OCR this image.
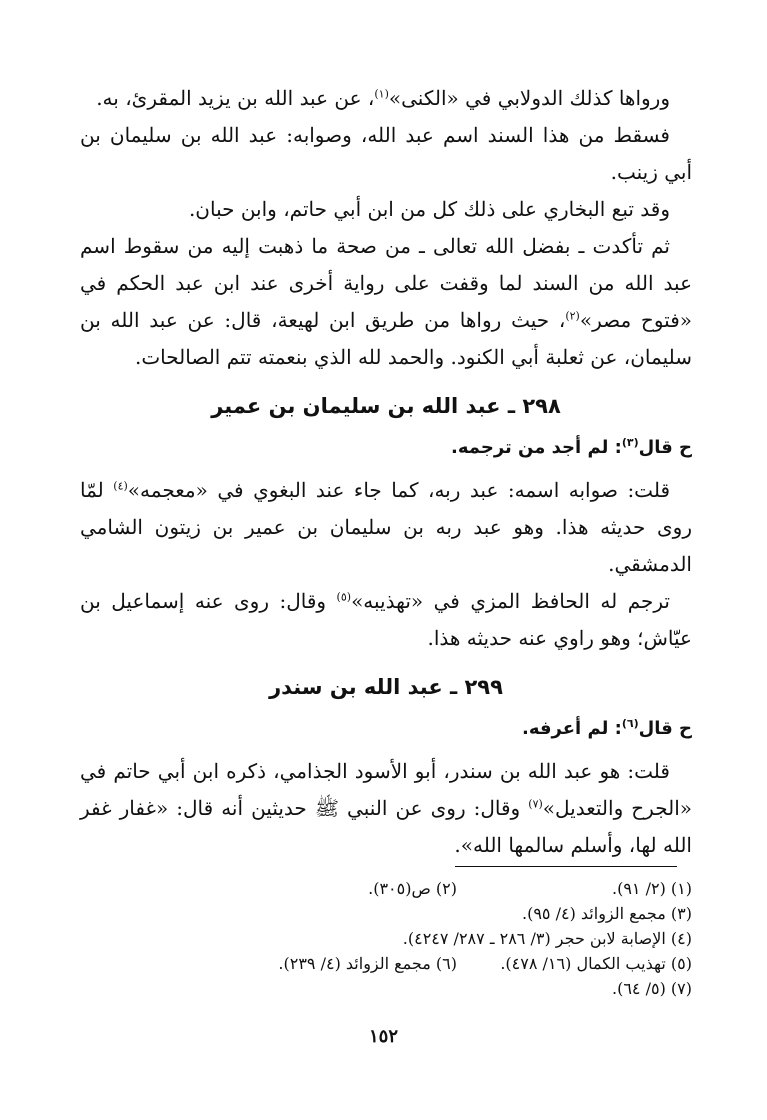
ورواها كذلك الدولابي في «الكنى»$^{(١)}$، عن عبد الله بن يزيد المقرئ، به.

فسقط من هذا السند اسم عبد الله، وصوابه: عبد الله بن سليمان بن أبي زينب.

وقد تبع البخاري على ذلك كل من ابن أبي حاتم، وابن حبان.

ثم تأكدت ـ بفضل الله تعالى ـ من صحة ما ذهبت إليه من سقوط اسم عبد الله من السند لما وقفت على رواية أخرى عند ابن عبد الحكم في «فتوح مصر»$^{(٢)}$، حيث رواها من طريق ابن لهيعة، قال: عن عبد الله بن سليمان، عن ثعلبة أبي الكنود. والحمد لله الذي بنعمته تتم الصالحات.

٢٩٨ ـ عبد الله بن سليمان بن عمير

ح قال$^{(٣)}$: لم أجد من ترجمه.

قلت: صوابه اسمه: عبد ربه، كما جاء عند البغوي في «معجمه»$^{(٤)}$ لمّا روى حديثه هذا. وهو عبد ربه بن سليمان بن عمير بن زيتون الشامي الدمشقي.

ترجم له الحافظ المزي في «تهذيبه»$^{(٥)}$ وقال: روى عنه إسماعيل بن عيّاش؛ وهو راوي عنه حديثه هذا.

٢٩٩ ـ عبد الله بن سندر

ح قال$^{(٦)}$: لم أعرفه.

قلت: هو عبد الله بن سندر، أبو الأسود الجذامي، ذكره ابن أبي حاتم في «الجرح والتعديل»$^{(٧)}$ وقال: روى عن النبي ﷺ حديثين أنه قال: «غفار غفر الله لها، وأسلم سالمها الله».

(١) (٢/ ٩١).
(٢) ص(٣٠٥).
(٣) مجمع الزوائد (٤/ ٩٥).
(٤) الإصابة لابن حجر (٣/ ٢٨٦ ـ ٢٨٧/ ٤٢٤٧).
(٥) تهذيب الكمال (١٦/ ٤٧٨).
(٦) مجمع الزوائد (٤/ ٢٣٩).
(٧) (٥/ ٦٤).
١٥٢
